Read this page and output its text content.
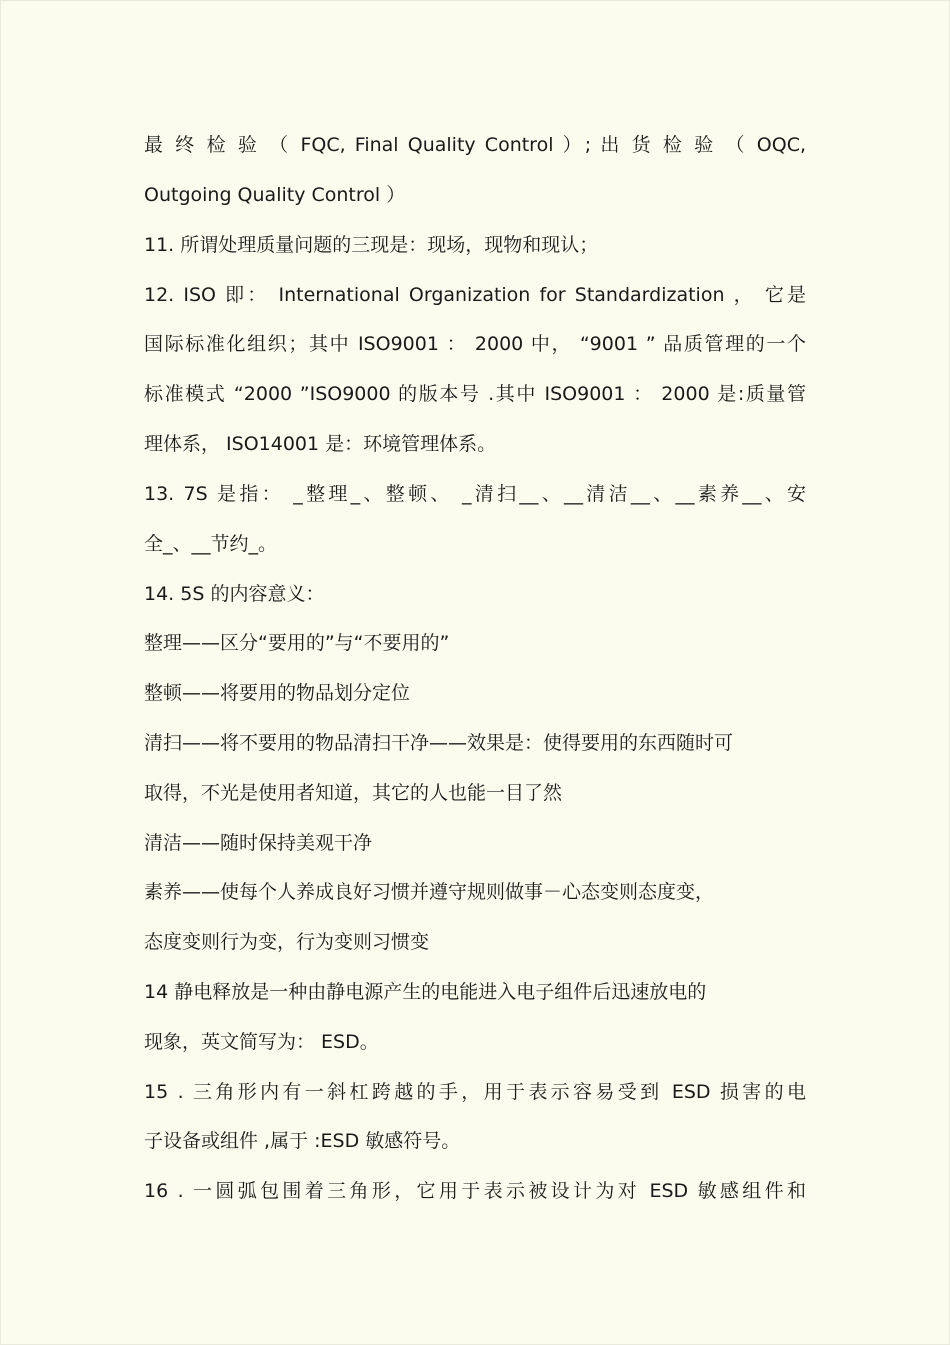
最 终 检 验 （ FQC, Final Quality Control ）; 出 货 检 验 （ OQC,
Outgoing Quality Control ）
11. 所谓处理质量问题的三现是：现场，现物和现认；
12. ISO 即： International Organization for Standardization ， 它是
国际标准化组织；其中 ISO9001 ： 2000 中， “9001 ” 品质管理的一个
标准模式 “2000 ”ISO9000 的版本号 .其中 ISO9001 ： 2000 是:质量管
理体系， ISO14001 是：环境管理体系。
13. 7S 是指： _整理_、整顿、 _清扫__、__清洁__、__素养__、安
全_、__节约_。
14. 5S 的内容意义：
整理——区分“要用的”与“不要用的”
整顿——将要用的物品划分定位
清扫——将不要用的物品清扫干净——效果是：使得要用的东西随时可
取得，不光是使用者知道，其它的人也能一目了然
清洁——随时保持美观干净
素养——使每个人养成良好习惯并遵守规则做事－心态变则态度变，
态度变则行为变，行为变则习惯变
14 静电释放是一种由静电源产生的电能进入电子组件后迅速放电的
现象，英文简写为： ESD。
15 . 三角形内有一斜杠跨越的手，用于表示容易受到 ESD 损害的电
子设备或组件 ,属于 :ESD 敏感符号。
16 . 一圆弧包围着三角形，它用于表示被设计为对 ESD 敏感组件和
